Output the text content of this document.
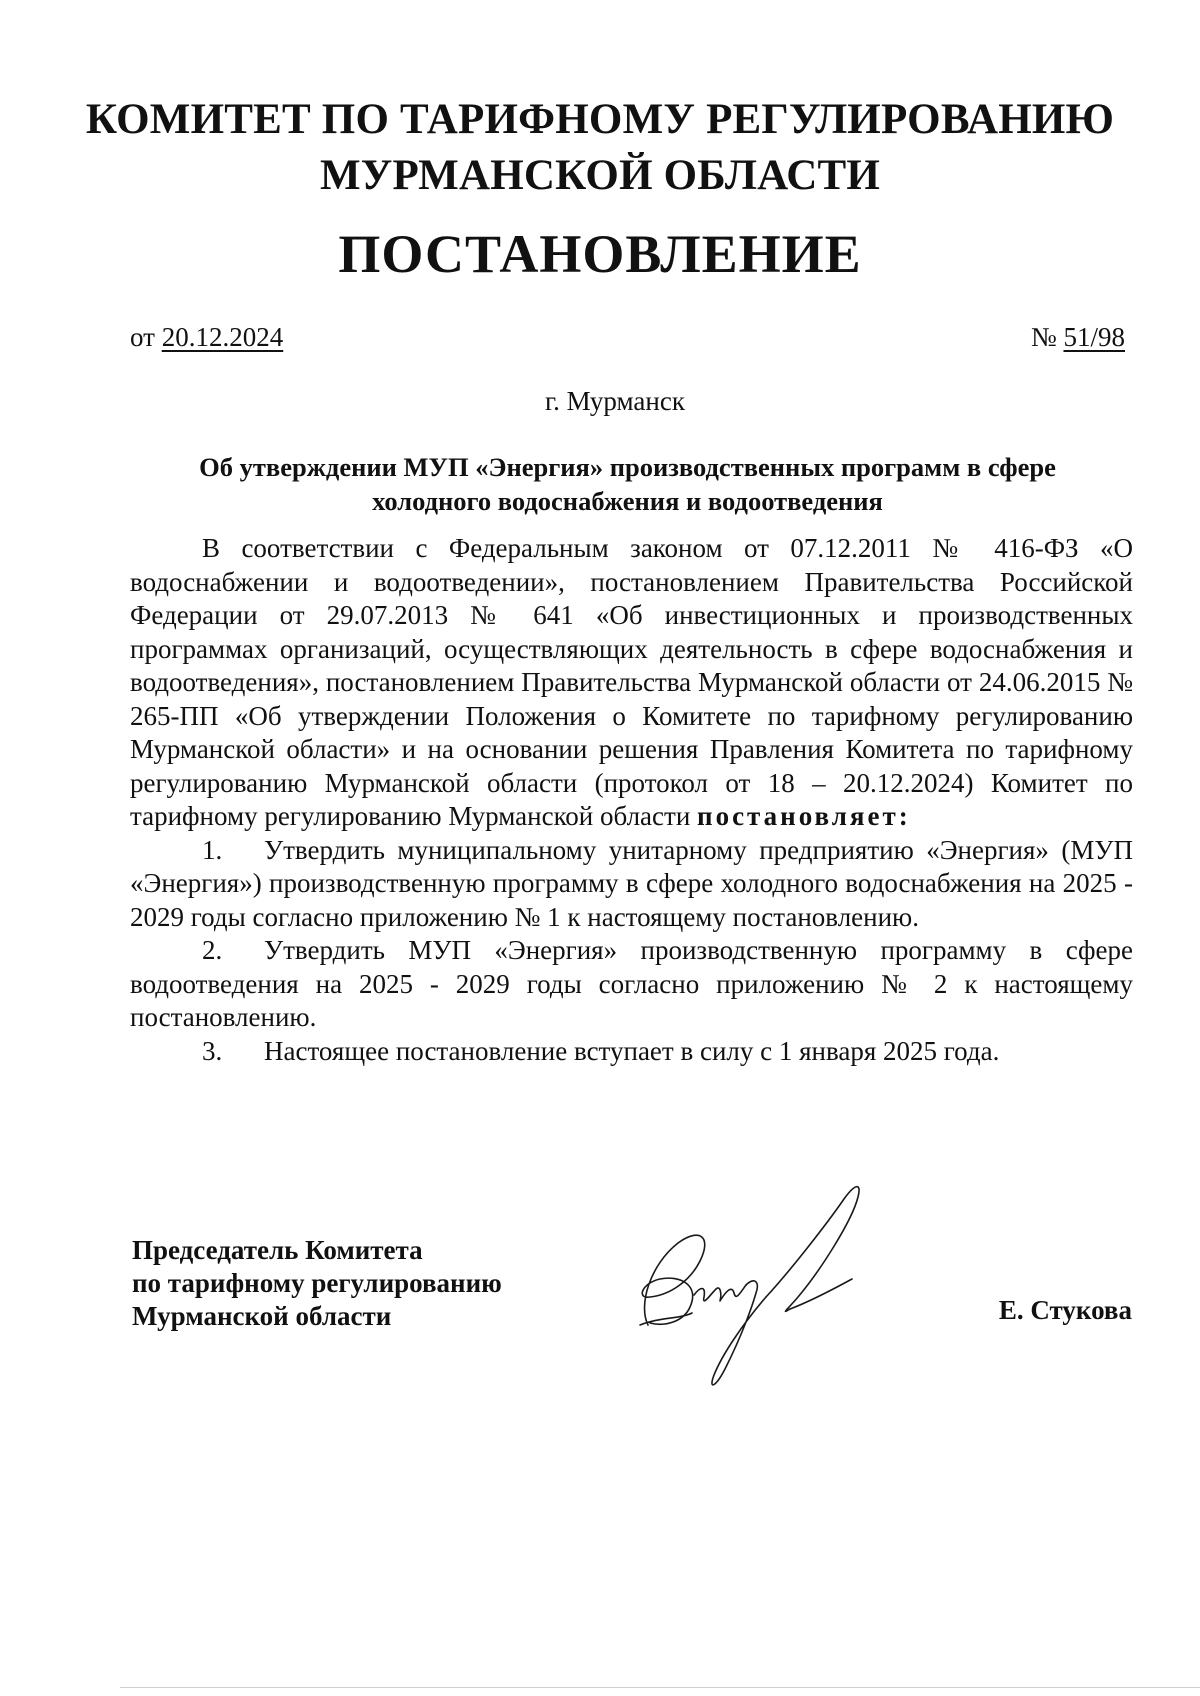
КОМИТЕТ ПО ТАРИФНОМУ РЕГУЛИРОВАНИЮ
МУРМАНСКОЙ ОБЛАСТИ
ПОСТАНОВЛЕНИЕ
от 20.12.2024	№ 51/98
г. Мурманск
Об утверждении МУП «Энергия» производственных программ в сфере
холодного водоснабжения и водоотведения

В соответствии с Федеральным законом от 07.12.2011 № 416-ФЗ «О водоснабжении и водоотведении», постановлением Правительства Российской Федерации от 29.07.2013 № 641 «Об инвестиционных и производственных программах организаций, осуществляющих деятельность в сфере водоснабжения и водоотведения», постановлением Правительства Мурманской области от 24.06.2015 № 265-ПП «Об утверждении Положения о Комитете по тарифному регулированию Мурманской области» и на основании решения Правления Комитета по тарифному регулированию Мурманской области (протокол от 18 – 20.12.2024) Комитет по тарифному регулированию Мурманской области постановляет:

1. Утвердить муниципальному унитарному предприятию «Энергия» (МУП «Энергия») производственную программу в сфере холодного водоснабжения на 2025 - 2029 годы согласно приложению № 1 к настоящему постановлению.

2. Утвердить МУП «Энергия» производственную программу в сфере водоотведения на 2025 - 2029 годы согласно приложению № 2 к настоящему постановлению.

3. Настоящее постановление вступает в силу с 1 января 2025 года.

Председатель Комитета
по тарифному регулированию
Мурманской области	Е. Стукова
